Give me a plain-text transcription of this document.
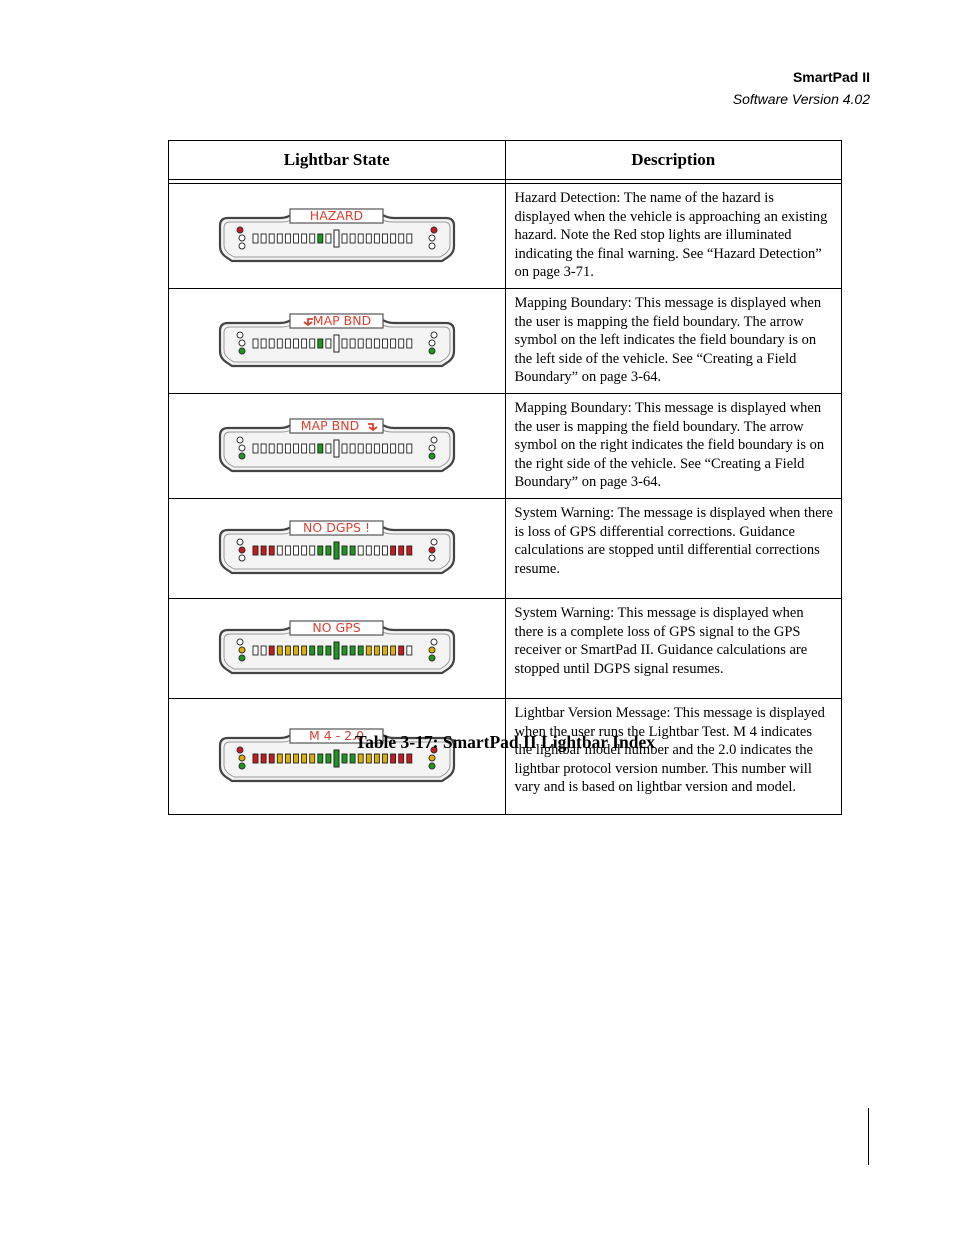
SmartPad II
Software Version 4.02
Lightbar State	Description

HAZARD	Hazard Detection: The name of the hazard is displayed when the vehicle is approaching an existing hazard. Note the Red stop lights are illuminated indicating the final warning. See “Hazard Detection” on page 3-71.

MAP BND	Mapping Boundary: This message is displayed when the user is mapping the field boundary. The arrow symbol on the left indicates the field boundary is on the left side of the vehicle. See “Creating a Field Boundary” on page 3-64.

MAP BND	Mapping Boundary: This message is displayed when the user is mapping the field boundary. The arrow symbol on the right indicates the field boundary is on the right side of the vehicle. See “Creating a Field Boundary” on page 3-64.

NO DGPS !	System Warning: The message is displayed when there is loss of GPS differential corrections. Guidance calculations are stopped until differential corrections resume.

NO GPS	System Warning: This message is displayed when there is a complete loss of GPS signal to the GPS receiver or SmartPad II. Guidance calculations are stopped until DGPS signal resumes.

M 4 - 2.0	Lightbar Version Message: This message is displayed when the user runs the Lightbar Test. M 4 indicates the lightbar model number and the 2.0 indicates the lightbar protocol version number. This number will vary and is based on lightbar version and model.
Table 3-17: SmartPad II Lightbar Index
